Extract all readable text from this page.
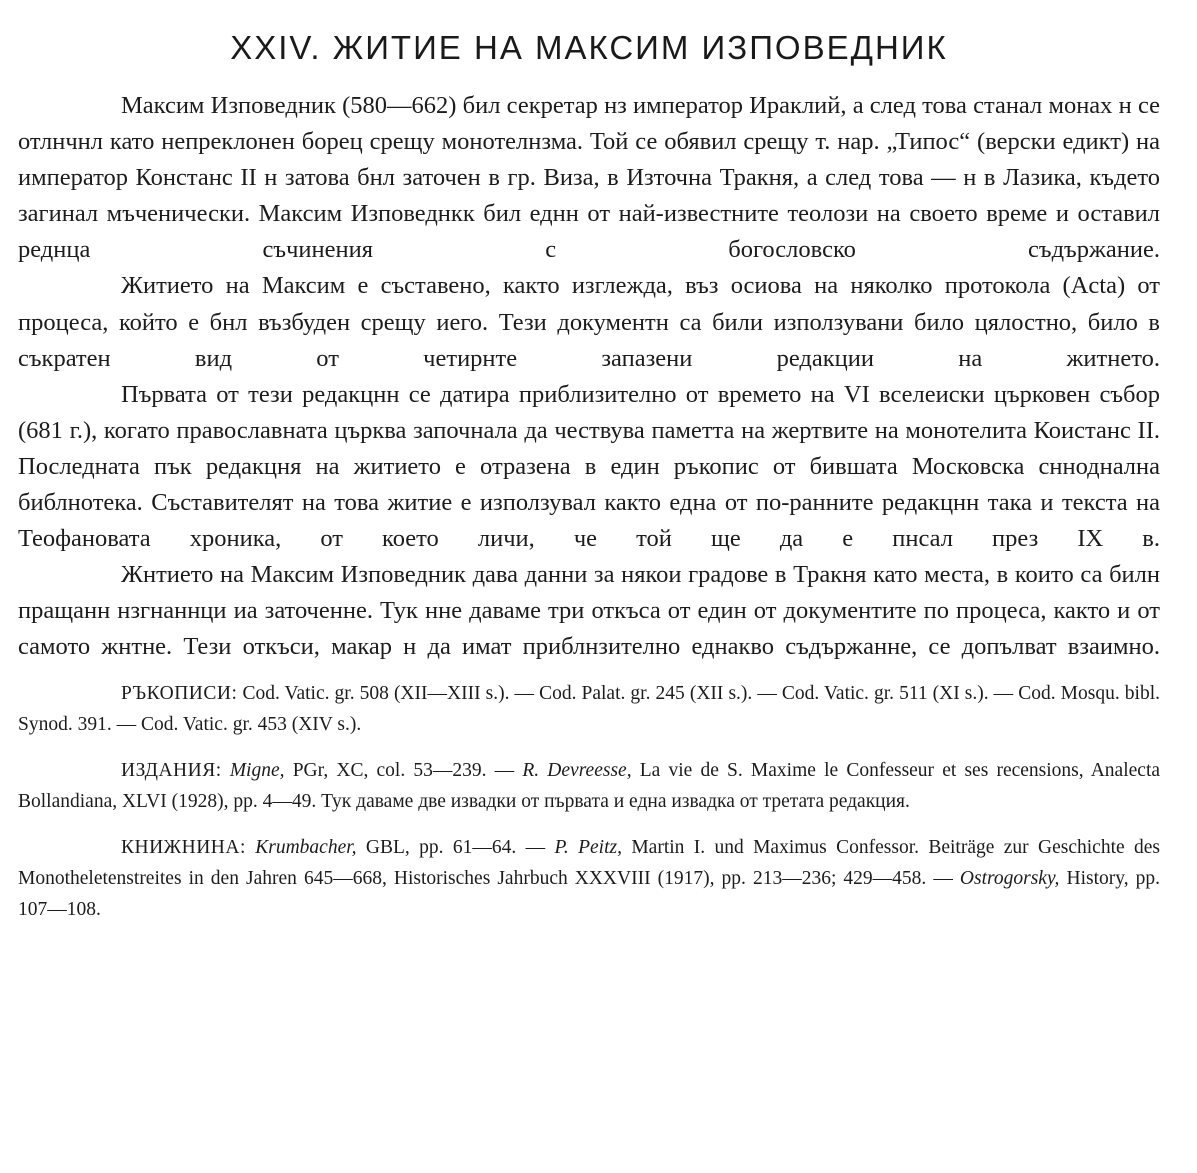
XXIV. ЖИТИЕ НА МАКСИМ ИЗПОВЕДНИК

Максим Изповедник (580—662) бил секретар нз император Ираклий, а след това станал монах н се отлнчнл като непреклонен борец срещу монотелнзма. Той се обявил срещу т. нар. „Типос“ (верски едикт) на император Констанс II н затова бнл заточен в гр. Виза, в Източна Тракня, а след това — н в Лазика, където загинал мъченически. Максим Изповеднкк бил еднн от най-известните теолози на своето време и оставил реднца съчинения с богословско съдържание.

Житието на Максим е съставено, както изглежда, въз осиова на няколко протокола (Acta) от процеса, който е бнл възбуден срещу иего. Тези документн са били използувани било цялостно, било в съкратен вид от четирнте запазени редакции на житнето.

Първата от тези редакцнн се датира приблизително от времето на VI вселеиски църковен събор (681 г.), когато православната църква започнала да чествува паметта на жертвите на монотелита Коистанс II. Последната пък редакцня на житието е отразена в един ръкопис от бившата Московска снноднална библнотека. Съставителят на това житие е използувал както една от по-ранните редакцнн така и текста на Теофановата хроника, от което личи, че той ще да е пнсал през IX в.

Жнтието на Максим Изповедник дава данни за някои градове в Тракня като места, в коитo са билн пращанн нзгнаннци иа заточенне. Тук нне даваме три откъса от един от документите по процеса, както и от самото жнтне. Тези откъси, макар н да имат приблнзително еднакво съдържанне, се допълват взаимно.

РЪКОПИСИ: Cod. Vatic. gr. 508 (XII—XIII s.). — Cod. Palat. gr. 245 (XII s.). — Cod. Vatic. gr. 511 (XI s.). — Cod. Mosqu. bibl. Synod. 391. — Cod. Vatic. gr. 453 (XIV s.).

ИЗДАНИЯ: Migne, PGr, XC, col. 53—239. — R. Devreesse, La vie de S. Maxime le Confesseur et ses recensions, Analecta Bollandiana, XLVI (1928), pp. 4—49. Тук даваме две извадки от първата и една извадка от третата редакция.

КНИЖНИНА: Krumbacher, GBL, pp. 61—64. — P. Peitz, Martin I. und Maximus Confessor. Beiträge zur Geschichte des Monotheletenstreites in den Jahren 645—668, Historisches Jahrbuch XXXVIII (1917), pp. 213—236; 429—458. — Ostrogorsky, History, pp. 107—108.
